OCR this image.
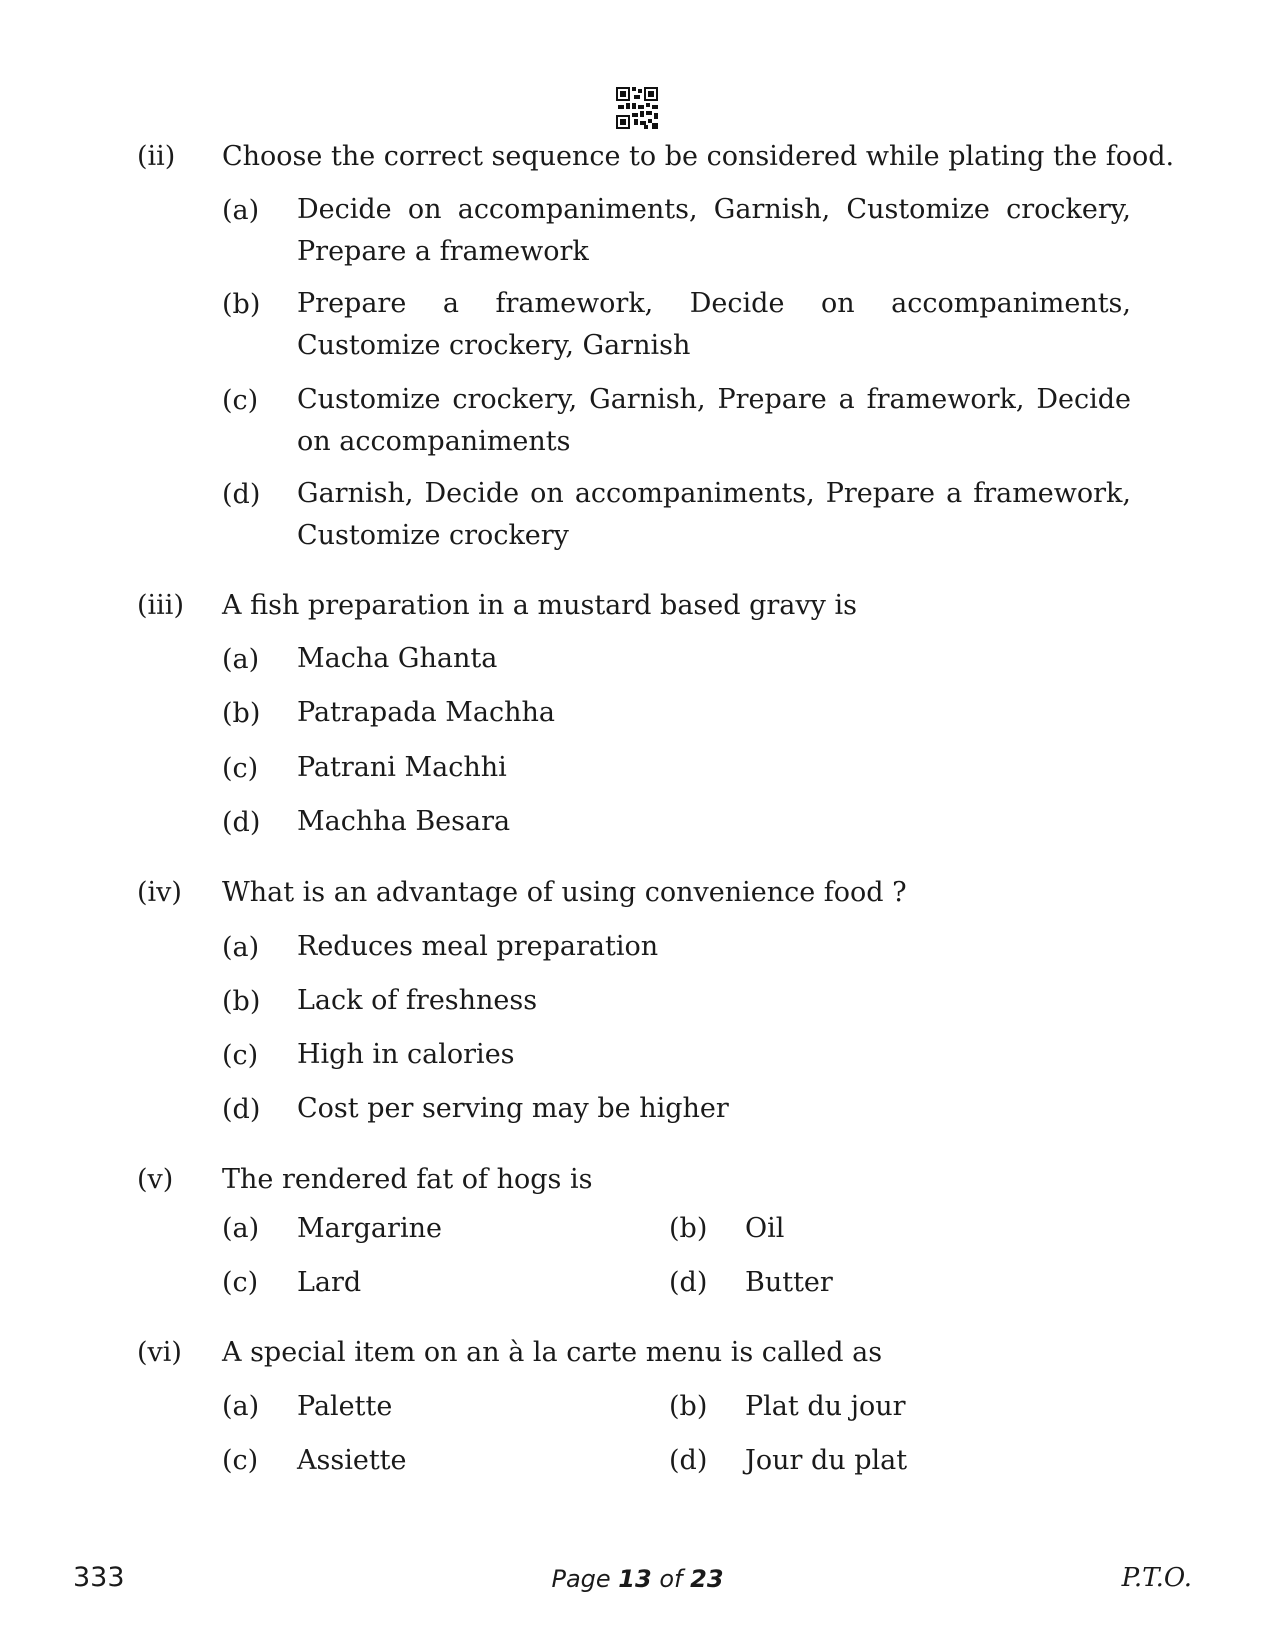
(ii) Choose the correct sequence to be considered while plating the food.
(a) Decide on accompaniments, Garnish, Customize crockery, Prepare a framework
(b) Prepare a framework, Decide on accompaniments, Customize crockery, Garnish
(c) Customize crockery, Garnish, Prepare a framework, Decide on accompaniments
(d) Garnish, Decide on accompaniments, Prepare a framework, Customize crockery
(iii) A fish preparation in a mustard based gravy is
(a) Macha Ghanta
(b) Patrapada Machha
(c) Patrani Machhi
(d) Machha Besara
(iv) What is an advantage of using convenience food ?
(a) Reduces meal preparation
(b) Lack of freshness
(c) High in calories
(d) Cost per serving may be higher
(v) The rendered fat of hogs is
(a) Margarine	(b) Oil
(c) Lard	(d) Butter
(vi) A special item on an à la carte menu is called as
(a) Palette	(b) Plat du jour
(c) Assiette	(d) Jour du plat
333	Page 13 of 23	P.T.O.
